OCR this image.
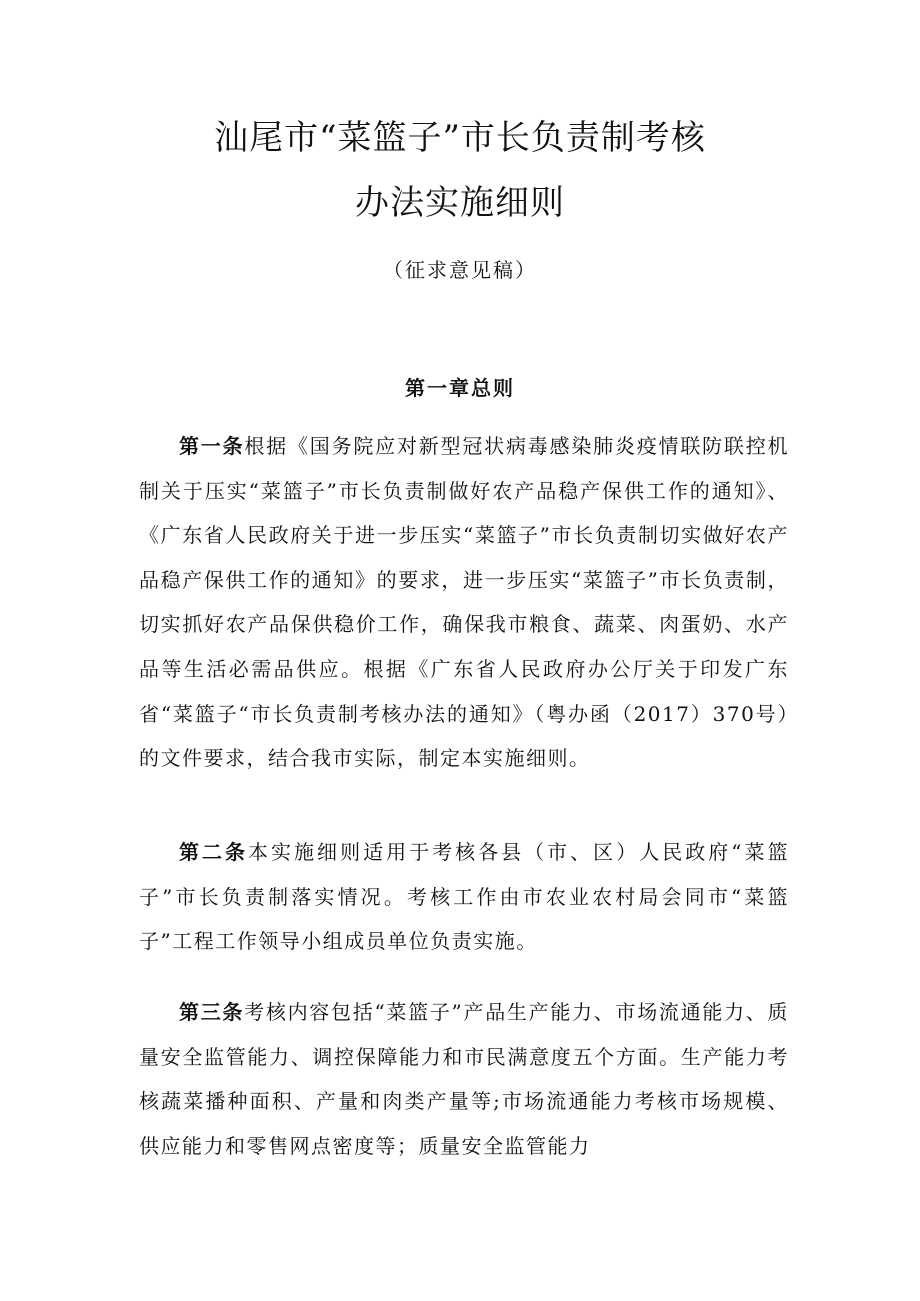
汕尾市“菜篮子”市长负责制考核
办法实施细则
（征求意见稿）
第一章总则

第一条根据《国务院应对新型冠状病毒感染肺炎疫情联防联控机制关于压实“菜篮子”市长负责制做好农产品稳产保供工作的通知》、《广东省人民政府关于进一步压实“菜篮子”市长负责制切实做好农产品稳产保供工作的通知》的要求，进一步压实“菜篮子”市长负责制，切实抓好农产品保供稳价工作，确保我市粮食、蔬菜、肉蛋奶、水产品等生活必需品供应。根据《广东省人民政府办公厅关于印发广东省“菜篮子“市长负责制考核办法的通知》（粤办函（2017）370号）的文件要求，结合我市实际，制定本实施细则。

第二条本实施细则适用于考核各县（市、区）人民政府“菜篮子”市长负责制落实情况。考核工作由市农业农村局会同市“菜篮子”工程工作领导小组成员单位负责实施。

第三条考核内容包括“菜篮子”产品生产能力、市场流通能力、质量安全监管能力、调控保障能力和市民满意度五个方面。生产能力考核蔬菜播种面积、产量和肉类产量等;市场流通能力考核市场规模、供应能力和零售网点密度等；质量安全监管能力
